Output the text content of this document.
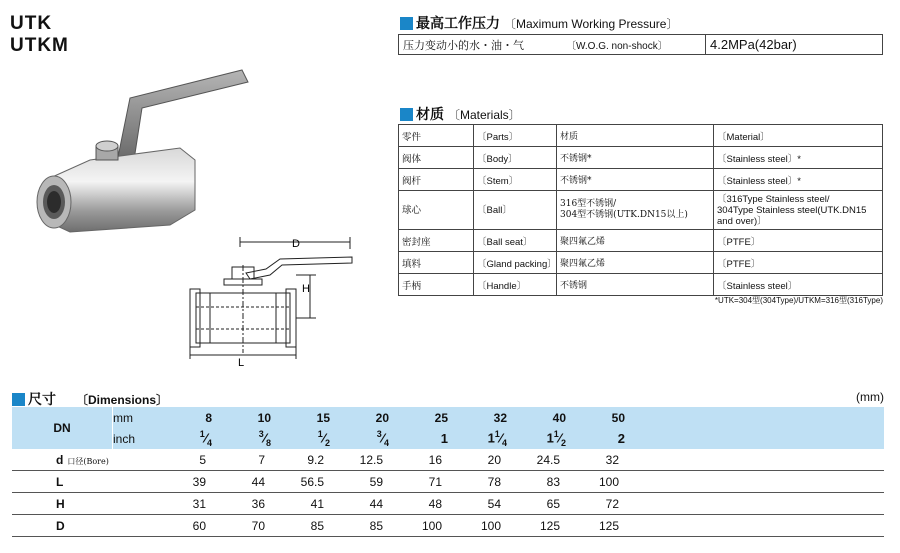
UTK
UTKM
D
H
L
最高工作压力 〔Maximum Working Pressure〕
压力变动小的水・油・气	〔W.O.G. non-shock〕	4.2MPa(42bar)
材质 〔Materials〕
零件	〔Parts〕	材质	〔Material〕
阀体	〔Body〕	不锈钢*	〔Stainless steel〕*
阀杆	〔Stem〕	不锈钢*	〔Stainless steel〕*
球心	〔Ball〕	316型不锈钢/
304型不锈钢(UTK.DN15以上)	〔316Type Stainless steel/
304Type Stainless steel(UTK.DN15
and over)〕
密封座	〔Ball seat〕	聚四氟乙烯	〔PTFE〕
填料	〔Gland packing〕	聚四氟乙烯	〔PTFE〕
手柄	〔Handle〕	不锈钢	〔Stainless steel〕
*UTK=304型(304Type)/UTKM=316型(316Type)
尺寸 〔Dimensions〕	(mm)
DN	mm	8	10	15	20	25	32	40	50	
	inch	$^1⁄_4$	$^3⁄_8$	$^1⁄_2$	$^3⁄_4$	1	$1^1⁄_4$	$1^1⁄_2$	2	
d 口径(Bore)		5	7	9.2	12.5	16	20	24.5	32	
L		39	44	56.5	59	71	78	83	100	
H		31	36	41	44	48	54	65	72	
D		60	70	85	85	100	100	125	125	
